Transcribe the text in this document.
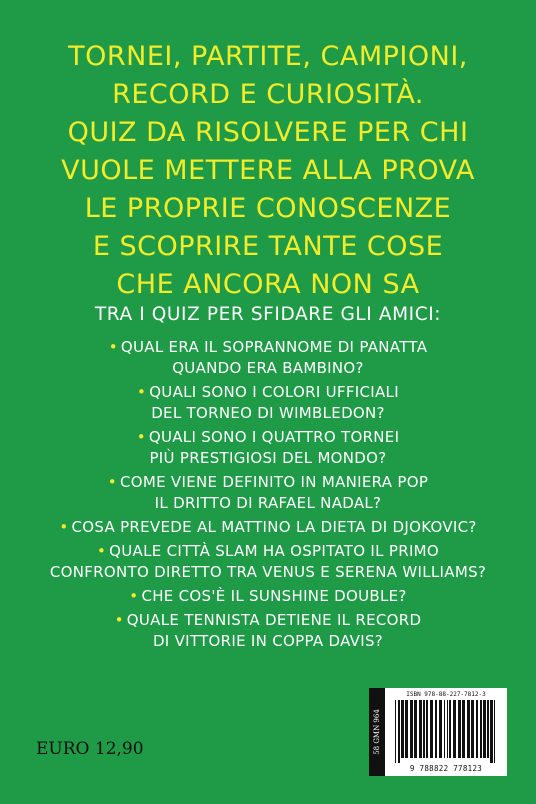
TORNEI, PARTITE, CAMPIONI,
RECORD E CURIOSITÀ.
QUIZ DA RISOLVERE PER CHI
VUOLE METTERE ALLA PROVA
LE PROPRIE CONOSCENZE
E SCOPRIRE TANTE COSE
CHE ANCORA NON SA
TRA I QUIZ PER SFIDARE GLI AMICI:
• QUAL ERA IL SOPRANNOME DI PANATTA
QUANDO ERA BAMBINO?
• QUALI SONO I COLORI UFFICIALI
DEL TORNEO DI WIMBLEDON?
• QUALI SONO I QUATTRO TORNEI
PIÙ PRESTIGIOSI DEL MONDO?
• COME VIENE DEFINITO IN MANIERA POP
IL DRITTO DI RAFAEL NADAL?
• COSA PREVEDE AL MATTINO LA DIETA DI DJOKOVIC?
• QUALE CITTÀ SLAM HA OSPITATO IL PRIMO
CONFRONTO DIRETTO TRA VENUS E SERENA WILLIAMS?
• CHE COS'È IL SUNSHINE DOUBLE?
• QUALE TENNISTA DETIENE IL RECORD
DI VITTORIE IN COPPA DAVIS?
EURO 12,90	58 GMN 964
ISBN 978-88-227-7812-3
9 788822 778123
